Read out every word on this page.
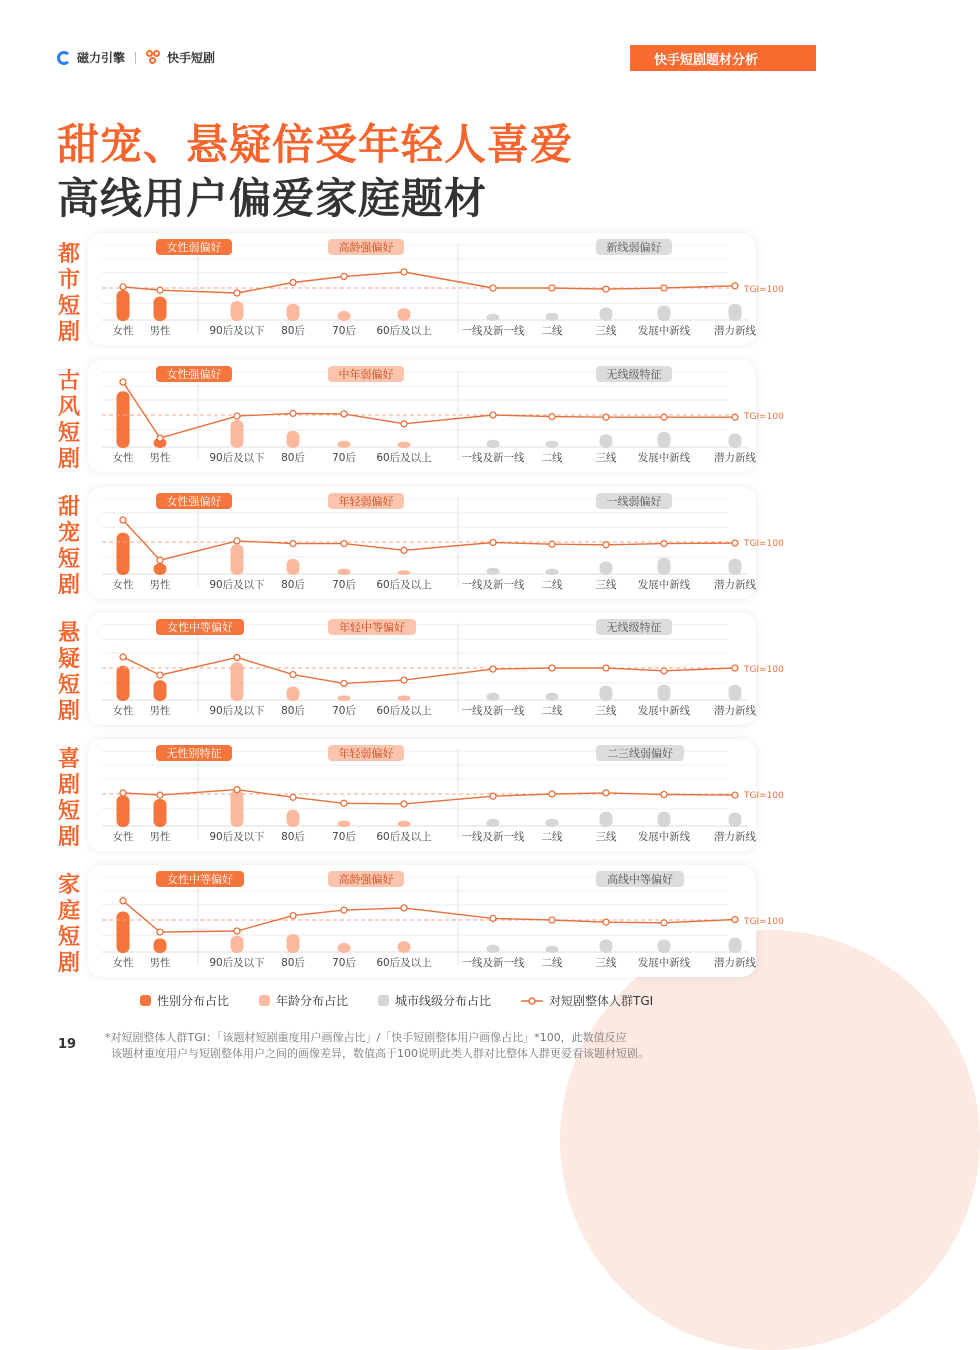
磁力引擎	快手短剧	快手短剧题材分析
甜宠、悬疑倍受年轻人喜爱
高线用户偏爱家庭题材
女性弱偏好	高龄强偏好	新线弱偏好
TGI=100
女性 男性	90后及以下 80后	70后 60后及以上	一线及新一线 二线	三线 发展中新线 潜力新线
都
市
短
剧
女性强偏好	中年弱偏好	无线级特征
TGI=100
女性 男性	90后及以下 80后	70后 60后及以上	一线及新一线 二线	三线 发展中新线 潜力新线
古
风
短
剧
女性强偏好	年轻弱偏好	一线弱偏好
TGI=100
女性 男性	90后及以下 80后	70后 60后及以上	一线及新一线 二线	三线 发展中新线 潜力新线
甜
宠
短
剧
女性中等偏好	年轻中等偏好	无线级特征
TGI=100
女性 男性	90后及以下 80后	70后 60后及以上	一线及新一线 二线	三线 发展中新线 潜力新线
悬
疑
短
剧
无性别特征	年轻弱偏好	二三线弱偏好
TGI=100
女性 男性	90后及以下 80后	70后 60后及以上	一线及新一线 二线	三线 发展中新线 潜力新线
喜
剧
短
剧
女性中等偏好	高龄强偏好	高线中等偏好
TGI=100
女性 男性	90后及以下 80后	70后 60后及以上	一线及新一线 二线	三线 发展中新线 潜力新线
家
庭
短
剧
性别分布占比	年龄分布占比	城市线级分布占比	对短剧整体人群TGI
19	*对短剧整体人群TGI：「该题材短剧重度用户画像占比」/「快手短剧整体用户画像占比」*100，此数值反应
该题材重度用户与短剧整体用户之间的画像差异，数值高于100说明此类人群对比整体人群更爱看该题材短剧。
